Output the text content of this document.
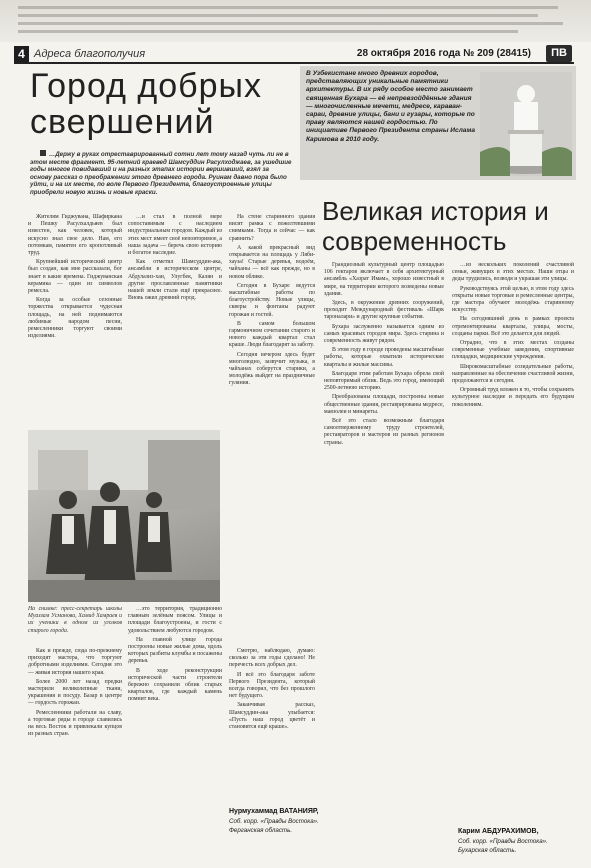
4 Адреса благополучия	28 октября 2016 года № 209 (28415)	ПВ
Город добрых свершений
…Держу в руках отреставрированный сотни лет тому назад чуть ли не в этом месте фрагмент. 95-летний краевед Шамсуддин Расулходжаев, за ушедшие годы многое повидавший и на разных этапах истории вершивший, взял за основу рассказ о преображении этого древнего города. Руинам давно пора было уйти, и на их месте, по воле Первого Президента, благоустроенные улицы приобрели новую жизнь и новые краски.

Жителям Гиджувана, Шафиркана и Пешку Расулхалдьяев был известен, как человек, который искусно знал свое дело. Нам, его потомкам, памятен его кропотливый труд.

Крупнейший исторический центр был создан, как мне рассказали, бог знает в какие времена. Гиджуванская керамика — один из символов ремесла.

Когда за особые сезонные торжества открывается чудесная площадь, на ней поднимаются любимые народом песни, ремесленники торгуют своими изделиями.

…и стал в полной мере сопоставимым с наследием индустриальным городом. Каждый из этих мест имеет своё неповторимое, а наша задача — беречь свою историю и богатое наследие.

Как отметил Шамсуддин-ака, ансамбли в историческом центре, Абдулазиз-хан, Улугбек, Калян и другие прославленные памятники нашей земли стали ещё прекраснее. Вновь ожил древний город.

На стене старинного здания висит рамка с пожелтевшими снимками. Тогда и сейчас — как сравнить?

А какой прекрасный вид открывается на площадь у Ляби-хауза! Старые деревья, водоём, чайханы — всё как прежде, но в новом облике.

Сегодня в Бухаре ведутся масштабные работы по благоустройству. Новые улицы, скверы и фонтаны радуют горожан и гостей.

В самом большом гармоничном сочетании старого и нового каждый квартал стал краше. Люди благодарят за заботу.

Сегодня вечером здесь будет многолюдно, зазвучит музыка, в чайханах соберутся старики, а молодёжь выйдет на праздничные гуляния.

На снимке: пресс-секретарь школы Муаззам Усманова, Хамид Хамраев и их ученики в одном из уголков старого города.

Как и прежде, сюда по-прежнему приходят мастера, что торгуют добротными изделиями. Сегодня это — живая история нашего края.

Более 2000 лет назад предки мастерили великолепные ткани, украшения и посуду. Базар в центре — гордость горожан.

Ремесленники работали на славу, а торговые ряды в городе славились на весь Восток и привлекали купцов из разных стран.

…это территория, традиционно главным зелёным поясом. Улицы и площади благоустроены, и гости с удовольствием любуются городом.

На главной улице города построены новые жилые дома, вдоль которых разбиты клумбы и посажены деревья.

В ходе реконструкции исторической части строители бережно сохранили облик старых кварталов, где каждый камень помнит века.

Смотрю, наблюдаю, думаю: сколько за эти годы сделано! Не перечесть всех добрых дел.

И всё это благодаря заботе Первого Президента, который всегда говорил, что без прошлого нет будущего.

Заканчивая рассказ, Шамсуддин-ака улыбается: «Пусть наш город цветёт и становится ещё краше».

Нурмухаммад ВАТАНИЯР,
Соб. корр. «Правды Востока».
Ферганская область.
В Узбекистане много древних городов, представляющих уникальные памятники архитектуры. В их ряду особое место занимает священная Бухара — её непревзойдённые здания — многочисленные мечети, медресе, караван-сараи, древние улицы, бани и гузары, которые по праву являются нашей гордостью. По инициативе Первого Президента страны Ислама Каримова в 2010 году.
Великая история и современность

Грандиозный культурный центр площадью 106 гектаров включает в себя архитектурный ансамбль «Хазрат Имам», хорошо известный в мире, на территории которого возведены новые здания.

Здесь, в окружении древних сооружений, проходит Международный фестиваль «Шарк тароналари» и другие крупные события.

Бухара заслуженно называется одним из самых красивых городов мира. Здесь старина и современность живут рядом.

В этом году в городе проведены масштабные работы, которые охватили исторические кварталы и жилые массивы.

Благодаря этим работам Бухара обрела свой неповторимый облик. Ведь это город, имеющий 2500-летнюю историю.

Преобразованы площади, построены новые общественные здания, реставрированы медресе, мавзолеи и минареты.

Всё это стало возможным благодаря самоотверженному труду строителей, реставраторов и мастеров из разных регионов страны.

…из нескольких поколений счастливой семьи, живущих в этих местах. Наши отцы и деды трудились, возводя и украшая эти улицы.

Руководствуясь этой целью, в этом году здесь открыты новые торговые и ремесленные центры, где мастера обучают молодёжь старинному искусству.

На сегодняшний день в рамках проекта отремонтированы кварталы, улицы, мосты, созданы парки. Всё это делается для людей.

Отрадно, что в этих местах созданы современные учебные заведения, спортивные площадки, медицинские учреждения.

Широкомасштабные созидательные работы, направленные на обеспечение счастливой жизни, продолжаются и сегодня.

Огромный труд вложен в то, чтобы сохранить культурное наследие и передать его будущим поколениям.

Карим АБДУРАХИМОВ,
Соб. корр. «Правды Востока».
Бухарская область.
